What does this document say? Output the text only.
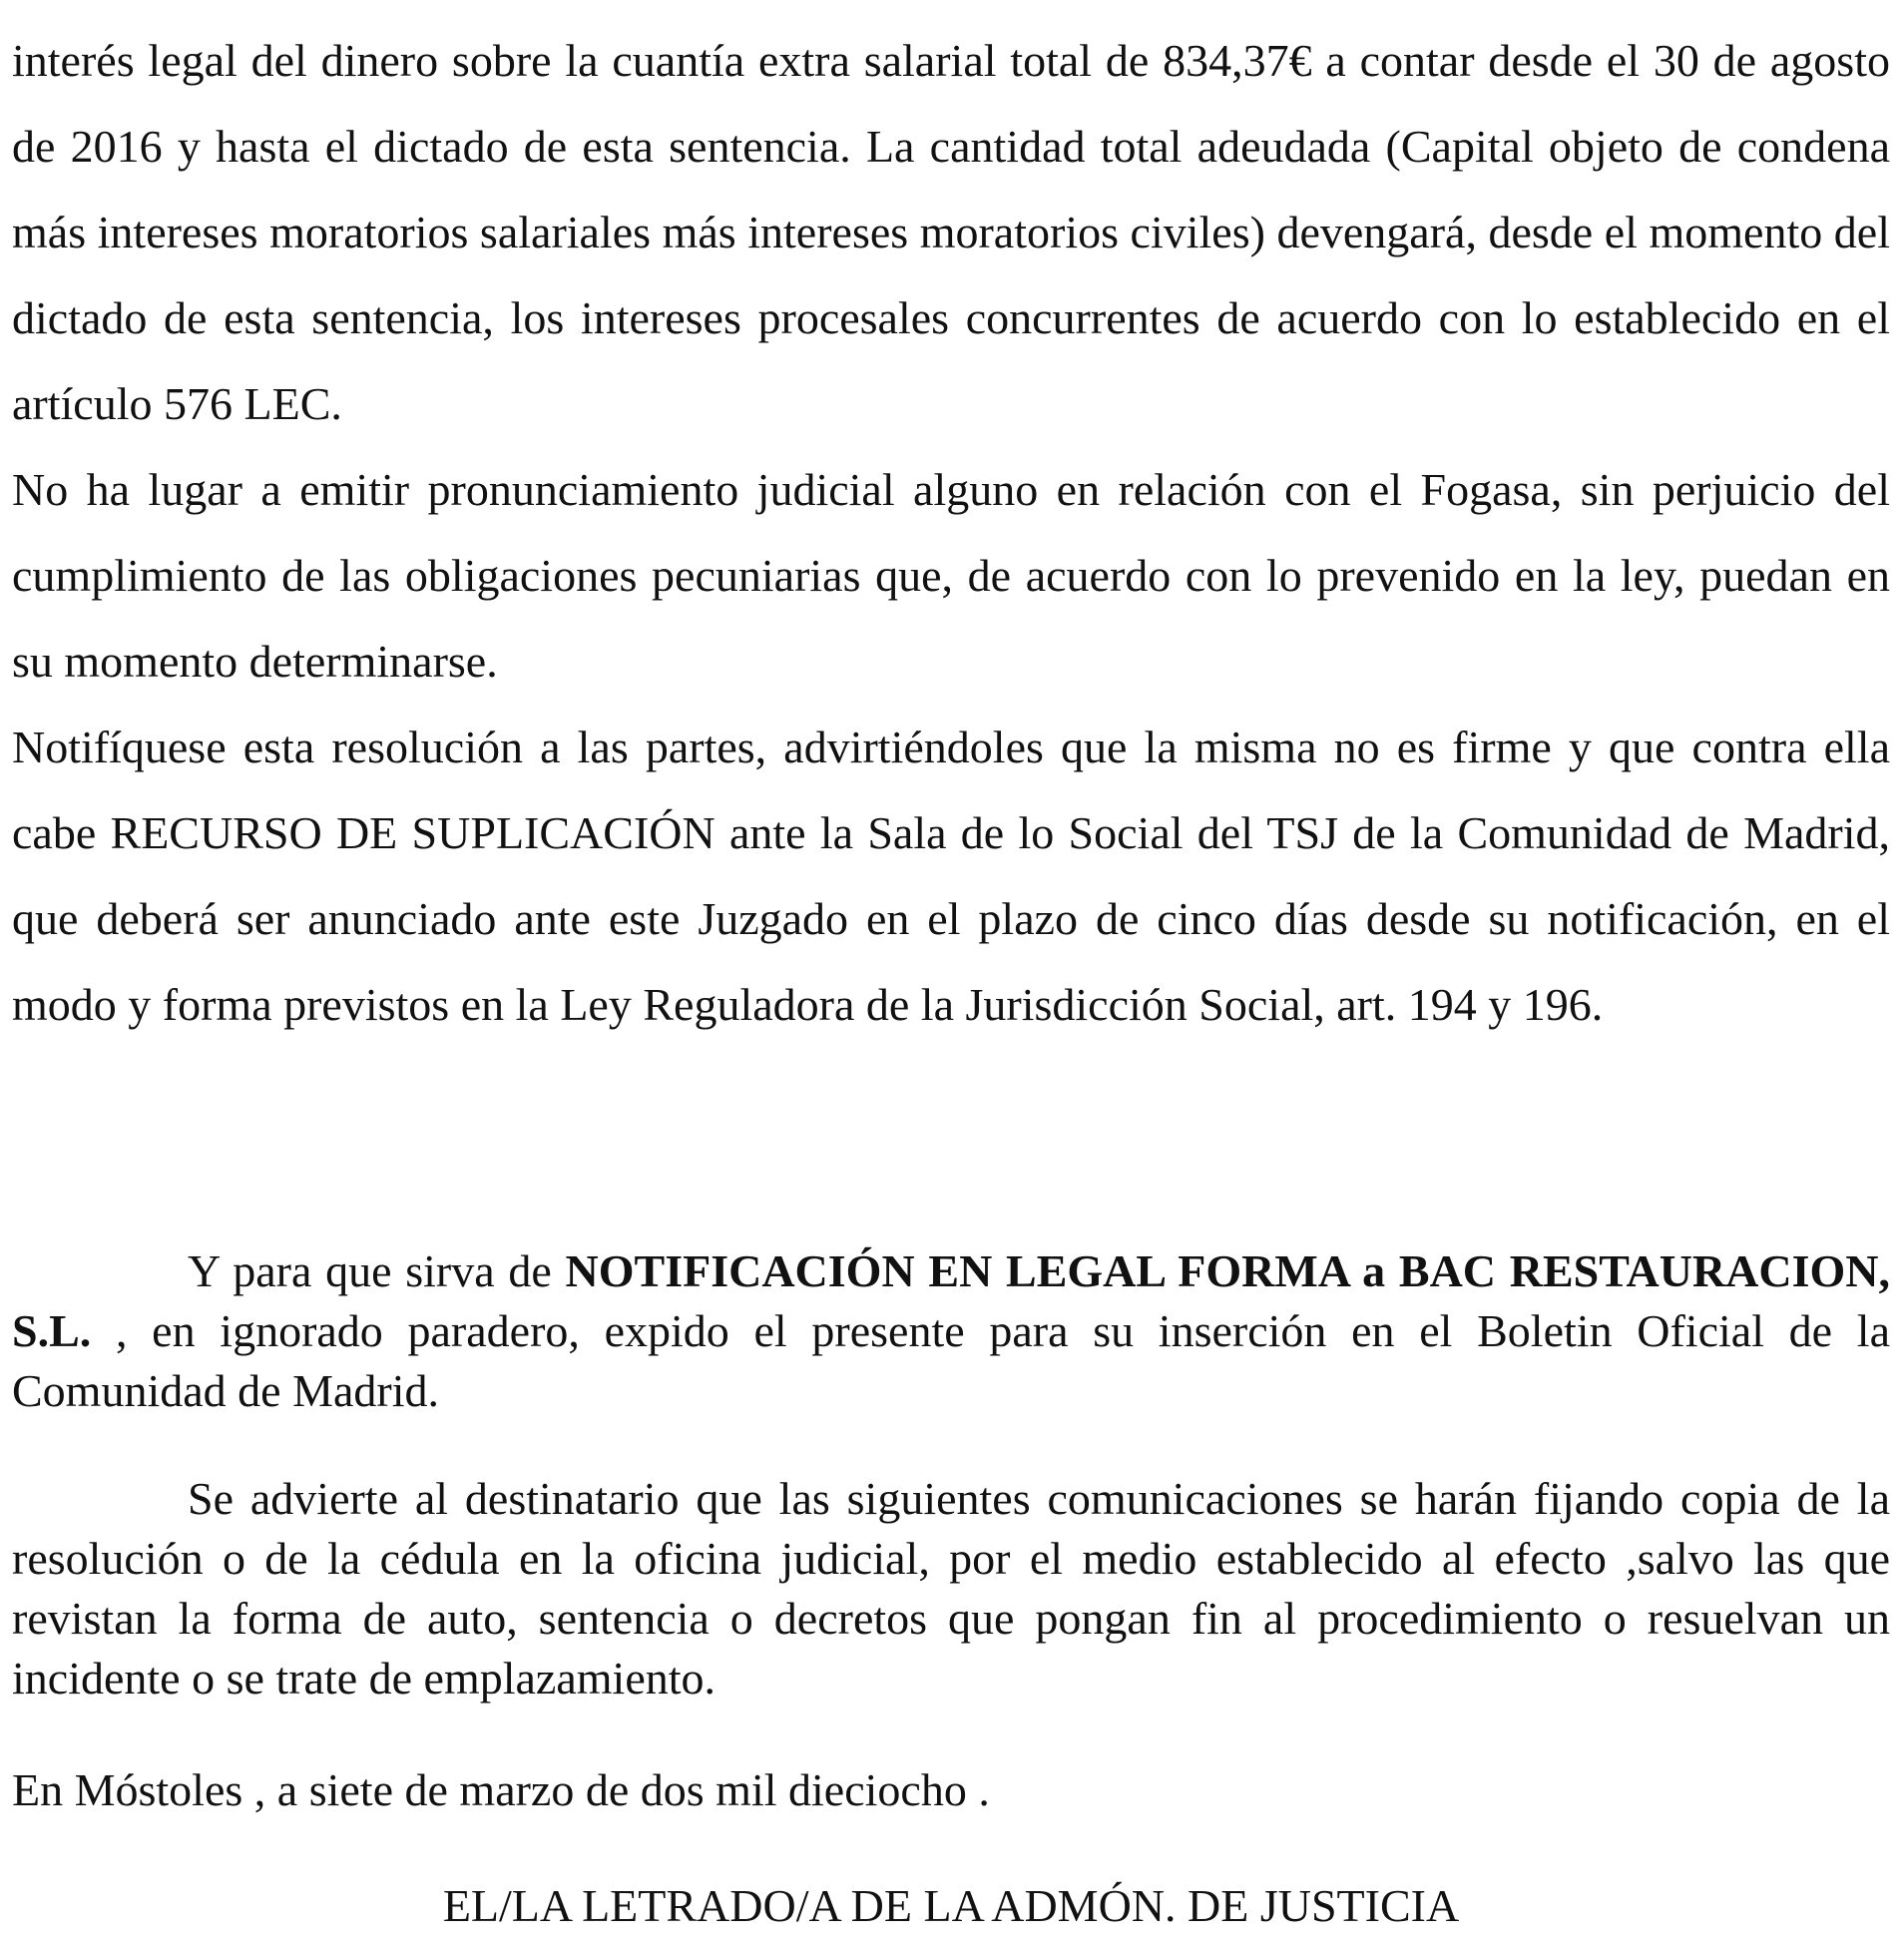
interés legal del dinero sobre la cuantía extra salarial total de 834,37€ a contar desde el 30 de agosto de 2016 y hasta el dictado de esta sentencia. La cantidad total adeudada (Capital objeto de condena más intereses moratorios salariales más intereses moratorios civiles) devengará, desde el momento del dictado de esta sentencia, los intereses procesales concurrentes de acuerdo con lo establecido en el artículo 576 LEC.

No ha lugar a emitir pronunciamiento judicial alguno en relación con el Fogasa, sin perjuicio del cumplimiento de las obligaciones pecuniarias que, de acuerdo con lo prevenido en la ley, puedan en su momento determinarse.

Notifíquese esta resolución a las partes, advirtiéndoles que la misma no es firme y que contra ella cabe RECURSO DE SUPLICACIÓN ante la Sala de lo Social del TSJ de la Comunidad de Madrid, que deberá ser anunciado ante este Juzgado en el plazo de cinco días desde su notificación, en el modo y forma previstos en la Ley Reguladora de la Jurisdicción Social, art. 194 y 196.

Y para que sirva de NOTIFICACIÓN EN LEGAL FORMA a BAC RESTAURACION, S.L. , en ignorado paradero, expido el presente para su inserción en el Boletin Oficial de la Comunidad de Madrid.

Se advierte al destinatario que las siguientes comunicaciones se harán fijando copia de la resolución o de la cédula en la oficina judicial, por el medio establecido al efecto ,salvo las que revistan la forma de auto, sentencia o decretos que pongan fin al procedimiento o resuelvan un incidente o se trate de emplazamiento.

En Móstoles , a siete de marzo de dos mil dieciocho .

EL/LA LETRADO/A DE LA ADMÓN. DE JUSTICIA
